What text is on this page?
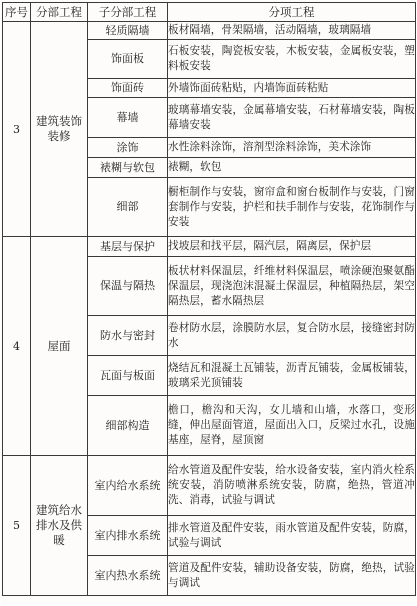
序号	分部工程	子分部工程	分项工程
3	建筑装饰装修	轻质隔墙	板材隔墙，骨架隔墙，活动隔墙，玻璃隔墙
		饰面板	石板安装，陶瓷板安装，木板安装，金属板安装，塑料板安装
		饰面砖	外墙饰面砖粘贴，内墙饰面砖粘贴
		幕墙	玻璃幕墙安装，金属幕墙安装，石材幕墙安装，陶板幕墙安装
		涂饰	水性涂料涂饰，溶剂型涂料涂饰，美术涂饰
		裱糊与软包	裱糊，软包
		细部	橱柜制作与安装，窗帘盒和窗台板制作与安装，门窗套制作与安装，护栏和扶手制作与安装，花饰制作与安装
4	屋面	基层与保护	找坡层和找平层，隔汽层，隔离层，保护层
		保温与隔热	板状材料保温层，纤维材料保温层，喷涂硬泡聚氨酯保温层，现浇泡沫混凝土保温层，种植隔热层，架空隔热层，蓄水隔热层
		防水与密封	卷材防水层，涂膜防水层，复合防水层，接缝密封防水
		瓦面与板面	烧结瓦和混凝土瓦铺装，沥青瓦铺装，金属板铺装，玻璃采光顶铺装
		细部构造	檐口，檐沟和天沟，女儿墙和山墙，水落口，变形缝，伸出屋面管道，屋面出入口，反梁过水孔，设施基座，屋脊，屋顶窗
5	建筑给水排水及供暖	室内给水系统	给水管道及配件安装，给水设备安装，室内消火栓系统安装，消防喷淋系统安装，防腐，绝热，管道冲洗、消毒，试验与调试
		室内排水系统	排水管道及配件安装，雨水管道及配件安装，防腐，试验与调试
		室内热水系统	管道及配件安装，辅助设备安装，防腐，绝热，试验与调试
